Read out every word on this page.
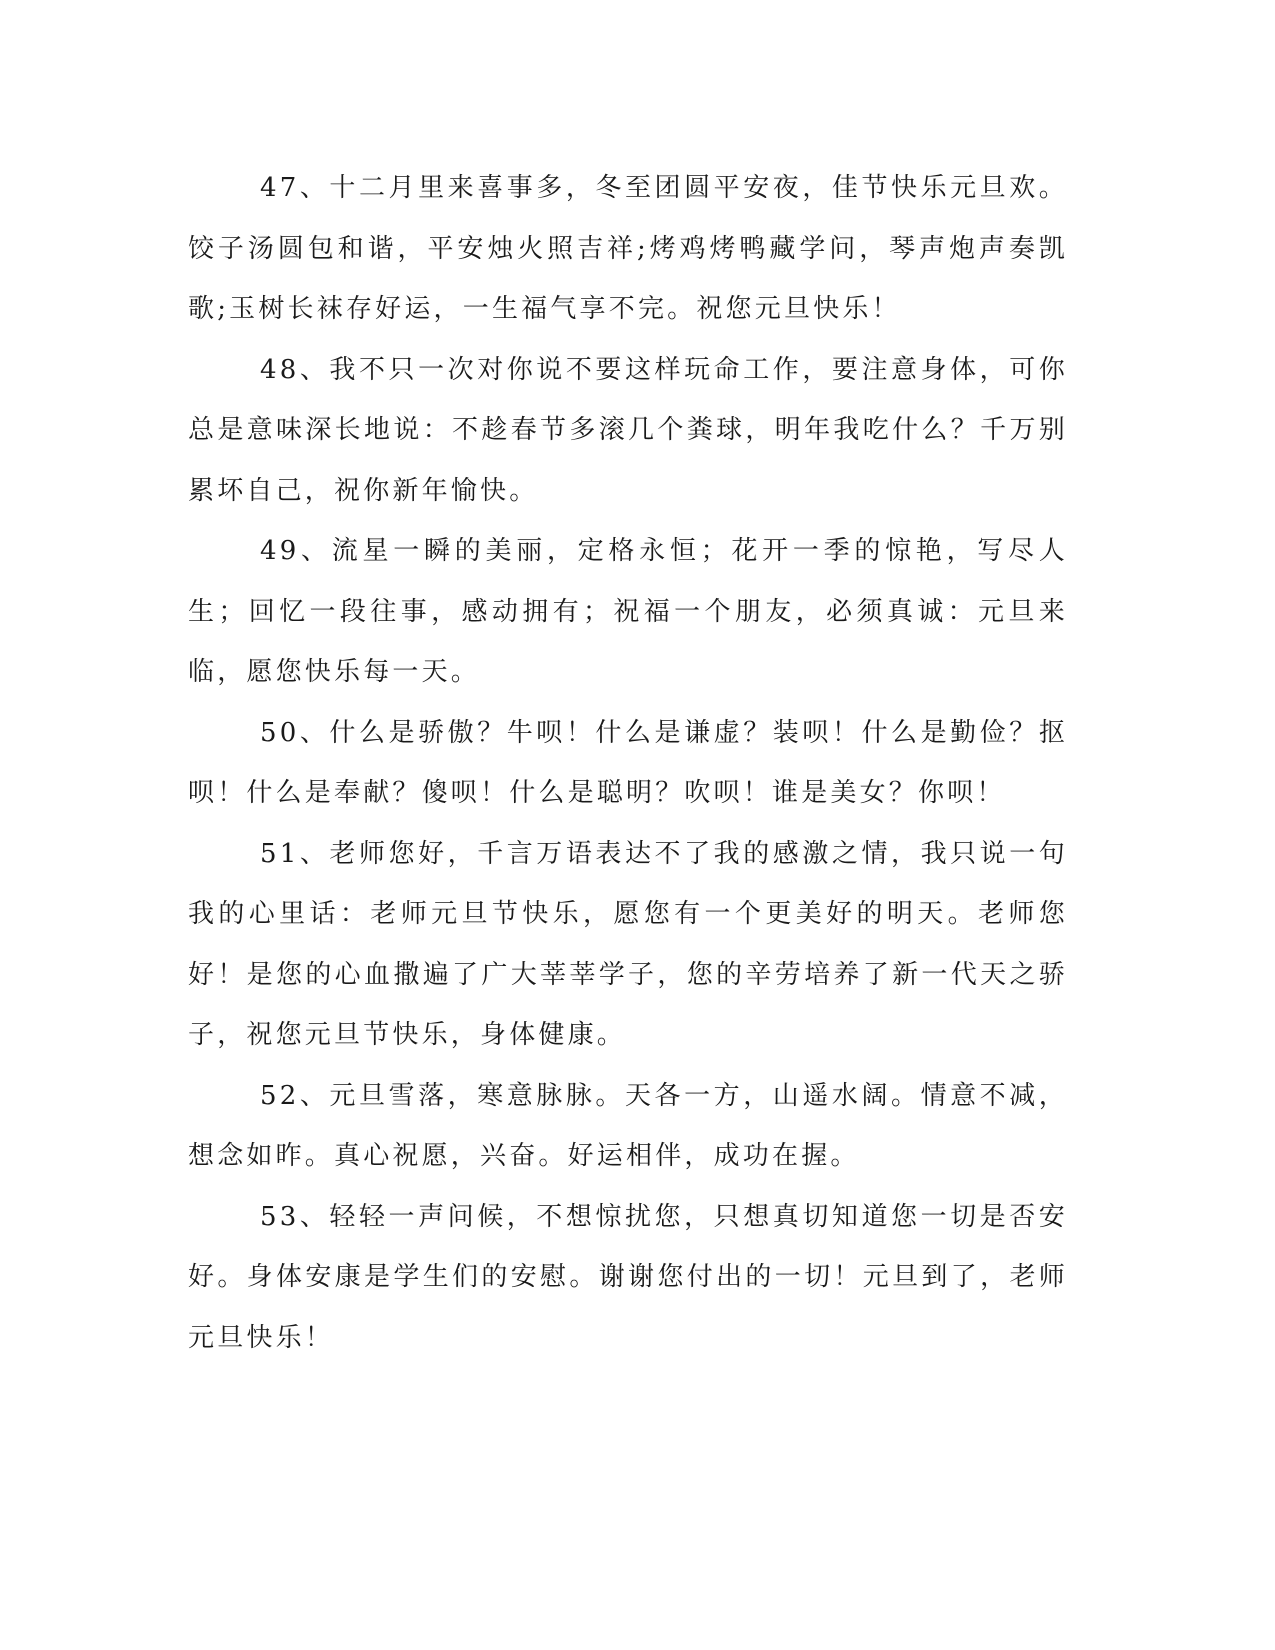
47、十二月里来喜事多，冬至团圆平安夜，佳节快乐元旦欢。饺子汤圆包和谐，平安烛火照吉祥;烤鸡烤鸭藏学问，琴声炮声奏凯歌;玉树长袜存好运，一生福气享不完。祝您元旦快乐！

48、我不只一次对你说不要这样玩命工作，要注意身体，可你总是意味深长地说：不趁春节多滚几个粪球，明年我吃什么？千万别累坏自己，祝你新年愉快。

49、流星一瞬的美丽，定格永恒；花开一季的惊艳，写尽人生；回忆一段往事，感动拥有；祝福一个朋友，必须真诚：元旦来临，愿您快乐每一天。

50、什么是骄傲？牛呗！什么是谦虚？装呗！什么是勤俭？抠呗！什么是奉献？傻呗！什么是聪明？吹呗！谁是美女？你呗！

51、老师您好，千言万语表达不了我的感激之情，我只说一句我的心里话：老师元旦节快乐，愿您有一个更美好的明天。老师您好！是您的心血撒遍了广大莘莘学子，您的辛劳培养了新一代天之骄子，祝您元旦节快乐，身体健康。

52、元旦雪落，寒意脉脉。天各一方，山遥水阔。情意不减，想念如昨。真心祝愿，兴奋。好运相伴，成功在握。

53、轻轻一声问候，不想惊扰您，只想真切知道您一切是否安好。身体安康是学生们的安慰。谢谢您付出的一切！元旦到了，老师元旦快乐！
